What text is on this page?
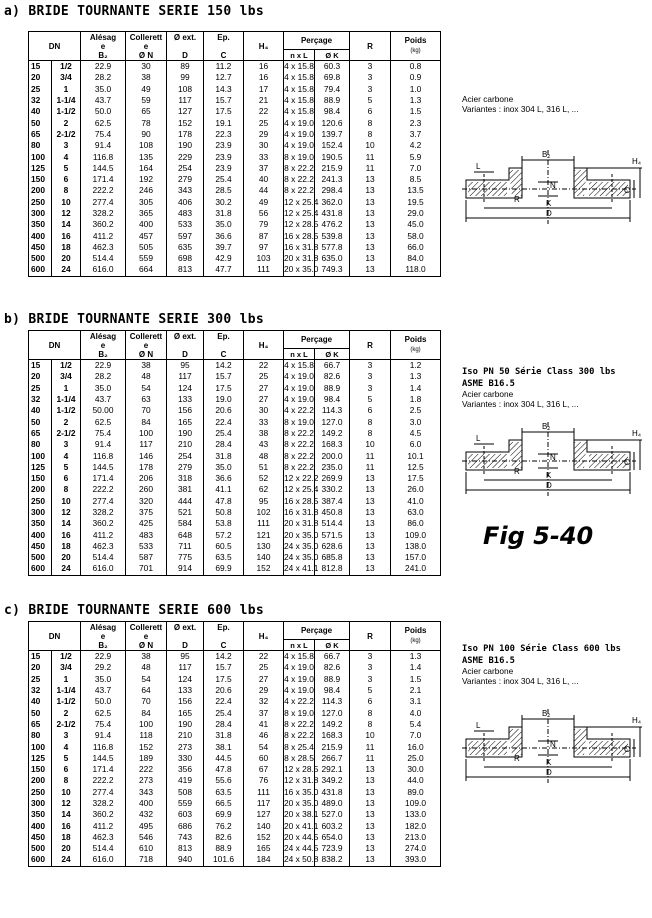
a) BRIDE TOURNANTE SERIE 150 lbs
b) BRIDE TOURNANTE SERIE 300 lbs
c) BRIDE TOURNANTE SERIE 600 lbs
DN		Alésag
e
B₂	Collerett
e
Ø N	Ø ext.

D	Ep.

C	H₄	Perçage		R	Poids
(kg)
							n x L	Ø K		
15	1/2	22.9	30	89	11.2	16	4 x 15.8	60.3	3	0.8
20	3/4	28.2	38	99	12.7	16	4 x 15.8	69.8	3	0.9
25	1	35.0	49	108	14.3	17	4 x 15.8	79.4	3	1.0
32	1-1/4	43.7	59	117	15.7	21	4 x 15.8	88.9	5	1.3
40	1-1/2	50.0	65	127	17.5	22	4 x 15.8	98.4	6	1.5
50	2	62.5	78	152	19.1	25	4 x 19.0	120.6	8	2.3
65	2-1/2	75.4	90	178	22.3	29	4 x 19.0	139.7	8	3.7
80	3	91.4	108	190	23.9	30	4 x 19.0	152.4	10	4.2
100	4	116.8	135	229	23.9	33	8 x 19.0	190.5	11	5.9
125	5	144.5	164	254	23.9	37	8 x 22.2	215.9	11	7.0
150	6	171.4	192	279	25.4	40	8 x 22.2	241.3	13	8.5
200	8	222.2	246	343	28.5	44	8 x 22.2	298.4	13	13.5
250	10	277.4	305	406	30.2	49	12 x 25.4	362.0	13	19.5
300	12	328.2	365	483	31.8	56	12 x 25.4	431.8	13	29.0
350	14	360.2	400	533	35.0	79	12 x 28.5	476.2	13	45.0
400	16	411.2	457	597	36.6	87	16 x 28.5	539.8	13	58.0
450	18	462.3	505	635	39.7	97	16 x 31.8	577.8	13	66.0
500	20	514.4	559	698	42.9	103	20 x 31.8	635.0	13	84.0
600	24	616.0	664	813	47.7	111	20 x 35.0	749.3	13	118.0
DN		Alésag
e
B₂	Collerett
e
Ø N	Ø ext.

D	Ep.

C	H₄	Perçage		R	Poids
(kg)
							n x L	Ø K		
15	1/2	22.9	38	95	14.2	22	4 x 15.8	66.7	3	1.2
20	3/4	28.2	48	117	15.7	25	4 x 19.0	82.6	3	1.3
25	1	35.0	54	124	17.5	27	4 x 19.0	88.9	3	1.4
32	1-1/4	43.7	63	133	19.0	27	4 x 19.0	98.4	5	1.8
40	1-1/2	50.00	70	156	20.6	30	4 x 22.2	114.3	6	2.5
50	2	62.5	84	165	22.4	33	8 x 19.0	127.0	8	3.0
65	2-1/2	75.4	100	190	25.4	38	8 x 22.2	149.2	8	4.5
80	3	91.4	117	210	28.4	43	8 x 22.2	168.3	10	6.0
100	4	116.8	146	254	31.8	48	8 x 22.2	200.0	11	10.1
125	5	144.5	178	279	35.0	51	8 x 22.2	235.0	11	12.5
150	6	171.4	206	318	36.6	52	12 x 22.2	269.9	13	17.5
200	8	222.2	260	381	41.1	62	12 x 25.4	330.2	13	26.0
250	10	277.4	320	444	47.8	95	16 x 28.5	387.4	13	41.0
300	12	328.2	375	521	50.8	102	16 x 31.8	450.8	13	63.0
350	14	360.2	425	584	53.8	111	20 x 31.8	514.4	13	86.0
400	16	411.2	483	648	57.2	121	20 x 35.0	571.5	13	109.0
450	18	462.3	533	711	60.5	130	24 x 35.0	628.6	13	138.0
500	20	514.4	587	775	63.5	140	24 x 35.0	685.8	13	157.0
600	24	616.0	701	914	69.9	152	24 x 41.1	812.8	13	241.0
DN		Alésag
e
B₂	Collerett
e
Ø N	Ø ext.

D	Ep.

C	H₄	Perçage		R	Poids
(kg)
							n x L	Ø K		
15	1/2	22.9	38	95	14.2	22	4 x 15.8	66.7	3	1.3
20	3/4	29.2	48	117	15.7	25	4 x 19.0	82.6	3	1.4
25	1	35.0	54	124	17.5	27	4 x 19.0	88.9	3	1.5
32	1-1/4	43.7	64	133	20.6	29	4 x 19.0	98.4	5	2.1
40	1-1/2	50.0	70	156	22.4	32	4 x 22.2	114.3	6	3.1
50	2	62.5	84	165	25.4	37	8 x 19.0	127.0	8	4.0
65	2-1/2	75.4	100	190	28.4	41	8 x 22.2	149.2	8	5.4
80	3	91.4	118	210	31.8	46	8 x 22.2	168.3	10	7.0
100	4	116.8	152	273	38.1	54	8 x 25.4	215.9	11	16.0
125	5	144.5	189	330	44.5	60	8 x 28.5	266.7	11	25.0
150	6	171.4	222	356	47.8	67	12 x 28.5	292.1	13	30.0
200	8	222.2	273	419	55.6	76	12 x 31.8	349.2	13	44.0
250	10	277.4	343	508	63.5	111	16 x 35.0	431.8	13	89.0
300	12	328.2	400	559	66.5	117	20 x 35.0	489.0	13	109.0
350	14	360.2	432	603	69.9	127	20 x 38.1	527.0	13	133.0
400	16	411.2	495	686	76.2	140	20 x 41.1	603.2	13	182.0
450	18	462.3	546	743	82.6	152	20 x 44.5	654.0	13	213.0
500	20	514.4	610	813	88.9	165	24 x 44.5	723.9	13	274.0
600	24	616.0	718	940	101.6	184	24 x 50.8	838.2	13	393.0
Acier carbone
Variantes : inox 304 L, 316 L, ...
Iso PN 50 Série Class 300 lbs
ASME B16.5
Acier carbone
Variantes : inox 304 L, 316 L, ...
Iso PN 100 Série Class 600 lbs
ASME B16.5
Acier carbone
Variantes : inox 304 L, 316 L, ...
Fig 5-40
B₂
L
N
R	K
D
C
H₄
B₂
L
N
R	K
D
C
H₄
B₂
L
N
R	K
D
C
H₄
